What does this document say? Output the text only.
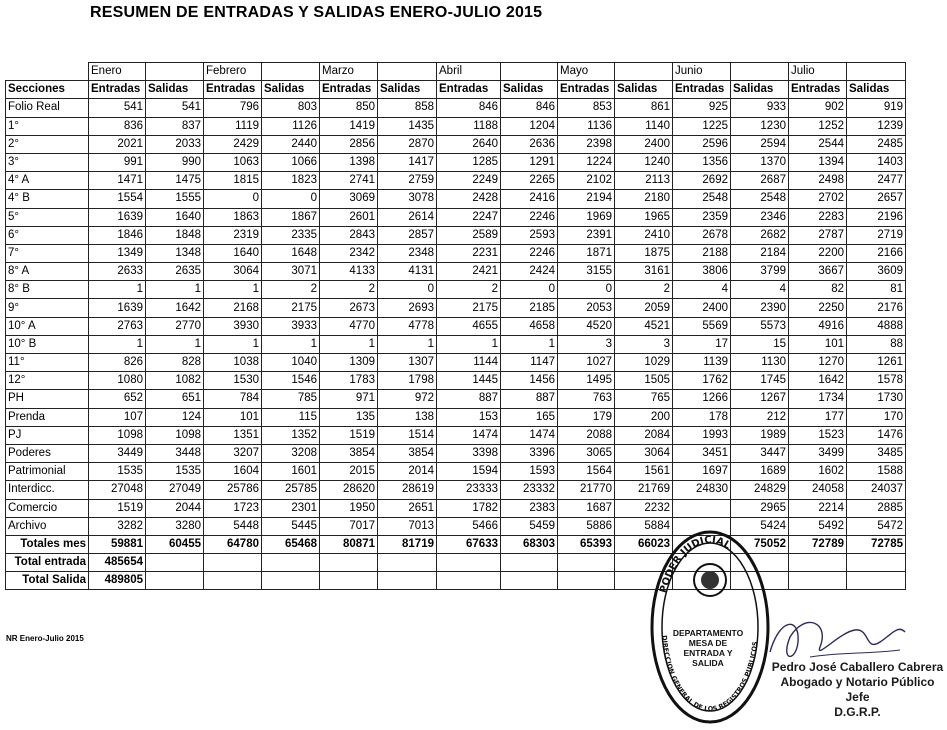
RESUMEN DE ENTRADAS Y SALIDAS ENERO-JULIO 2015
	Enero		Febrero		Marzo		Abril		Mayo		Junio		Julio	
Secciones	Entradas	Salidas	Entradas	Salidas	Entradas	Salidas	Entradas	Salidas	Entradas	Salidas	Entradas	Salidas	Entradas	Salidas
Folio Real	541	541	796	803	850	858	846	846	853	861	925	933	902	919
1°	836	837	1119	1126	1419	1435	1188	1204	1136	1140	1225	1230	1252	1239
2°	2021	2033	2429	2440	2856	2870	2640	2636	2398	2400	2596	2594	2544	2485
3°	991	990	1063	1066	1398	1417	1285	1291	1224	1240	1356	1370	1394	1403
4° A	1471	1475	1815	1823	2741	2759	2249	2265	2102	2113	2692	2687	2498	2477
4° B	1554	1555	0	0	3069	3078	2428	2416	2194	2180	2548	2548	2702	2657
5°	1639	1640	1863	1867	2601	2614	2247	2246	1969	1965	2359	2346	2283	2196
6°	1846	1848	2319	2335	2843	2857	2589	2593	2391	2410	2678	2682	2787	2719
7°	1349	1348	1640	1648	2342	2348	2231	2246	1871	1875	2188	2184	2200	2166
8° A	2633	2635	3064	3071	4133	4131	2421	2424	3155	3161	3806	3799	3667	3609
8° B	1	1	1	2	2	0	2	0	0	2	4	4	82	81
9°	1639	1642	2168	2175	2673	2693	2175	2185	2053	2059	2400	2390	2250	2176
10° A	2763	2770	3930	3933	4770	4778	4655	4658	4520	4521	5569	5573	4916	4888
10° B	1	1	1	1	1	1	1	1	3	3	17	15	101	88
11°	826	828	1038	1040	1309	1307	1144	1147	1027	1029	1139	1130	1270	1261
12°	1080	1082	1530	1546	1783	1798	1445	1456	1495	1505	1762	1745	1642	1578
PH	652	651	784	785	971	972	887	887	763	765	1266	1267	1734	1730
Prenda	107	124	101	115	135	138	153	165	179	200	178	212	177	170
PJ	1098	1098	1351	1352	1519	1514	1474	1474	2088	2084	1993	1989	1523	1476
Poderes	3449	3448	3207	3208	3854	3854	3398	3396	3065	3064	3451	3447	3499	3485
Patrimonial	1535	1535	1604	1601	2015	2014	1594	1593	1564	1561	1697	1689	1602	1588
Interdicc.	27048	27049	25786	25785	28620	28619	23333	23332	21770	21769	24830	24829	24058	24037
Comercio	1519	2044	1723	2301	1950	2651	1782	2383	1687	2232		2965	2214	2885
Archivo	3282	3280	5448	5445	7017	7013	5466	5459	5886	5884		5424	5492	5472
Totales mes	59881	60455	64780	65468	80871	81719	67633	68303	65393	66023		75052	72789	72785
Total entrada	485654													
Total Salida	489805													
NR Enero-Julio 2015
PODER JUDICIAL
DIRECCION GENERAL DE LOS REGISTROS PUBLICOS
DEPARTAMENTO
MESA DE
ENTRADA Y
SALIDA	Pedro José Caballero Cabrera
Abogado y Notario Público
Jefe
D.G.R.P.
